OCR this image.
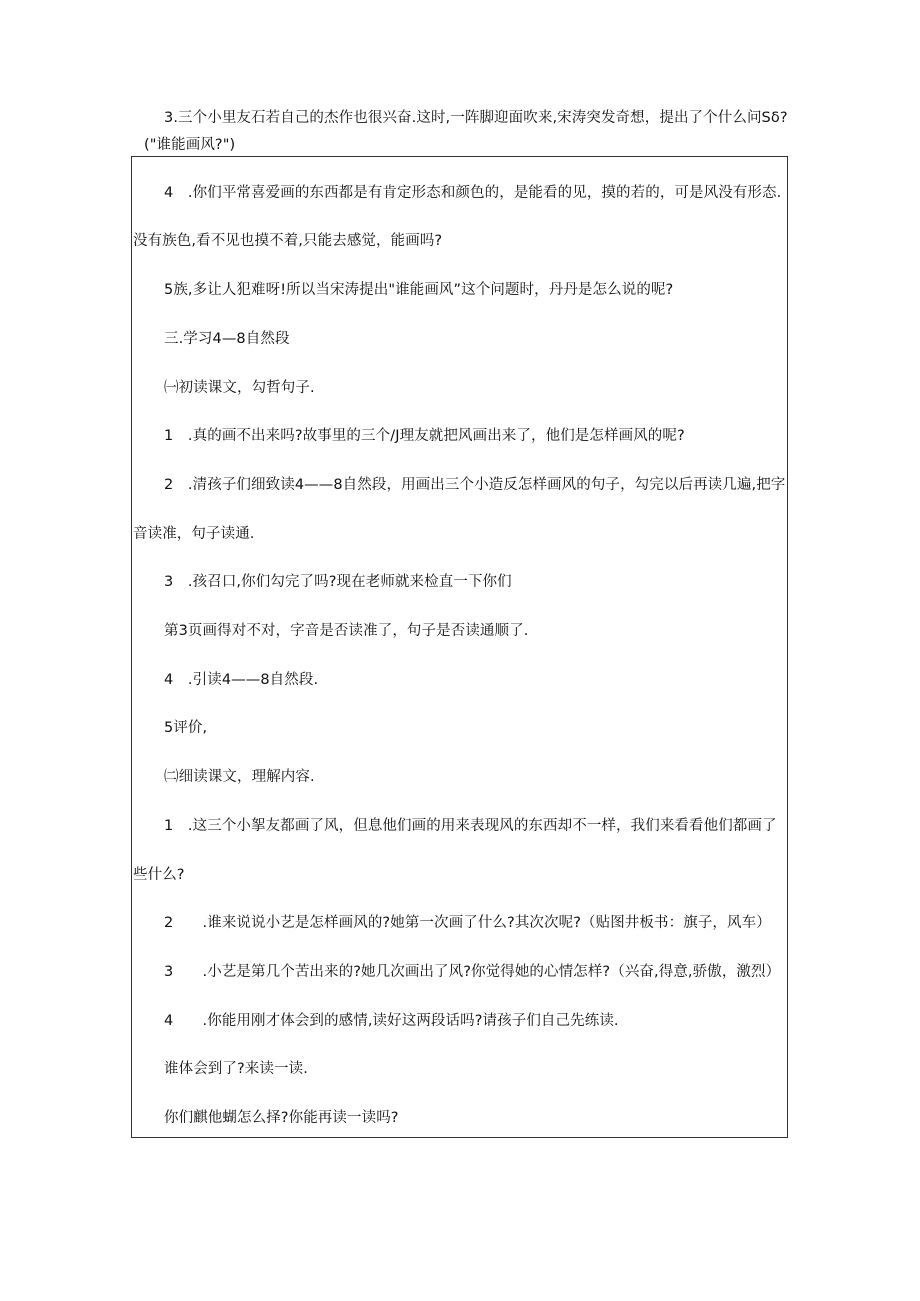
3.三个小里友石若自己的杰作也很兴奋.这时,一阵脚迎面吹来,宋涛突发奇想，提出了个什么问Sδ?
("谁能画风?")
4　.你们平常喜爱画的东西都是有肯定形态和颜色的，是能看的见，摸的若的，可是风没有形态.
没有族色,看不见也摸不着,只能去感觉，能画吗?
5族,多让人犯难呀!所以当宋涛提出"谁能画风”这个问题时，丹丹是怎么说的呢?
三.学习4—8自然段
㈠初读课文，勾哲句子.
1　.真的画不出来吗?故事里的三个/J理友就把风画出来了，他们是怎样画风的呢?
2　.清孩子们细致读4——8自然段，用画出三个小造反怎样画风的句子，勾完以后再读几遍,把字
音读准，句子读通.
3　.孩召口,你们勾完了吗?现在老师就来检直一下你们
第3页画得对不对，字音是否读准了，句子是否读通顺了.
4　.引读4——8自然段.
5评价,
㈡细读课文，理解内容.
1　.这三个小挐友都画了风，但息他们画的用来表现风的东西却不一样，我们来看看他们都画了
些什么?
2　　.谁来说说小艺是怎样画风的?她第一次画了什么?其次次呢?（贴图井板书：旗子，风车）
3　　.小艺是第几个苦出来的?她几次画出了风?你觉得她的心情怎样?（兴奋,得意,骄傲，激烈）
4　　.你能用刚才体会到的感情,读好这两段话吗?请孩子们自己先练读.
谁体会到了?来读一读.
你们麒他蝴怎么择?你能再读一读吗?
